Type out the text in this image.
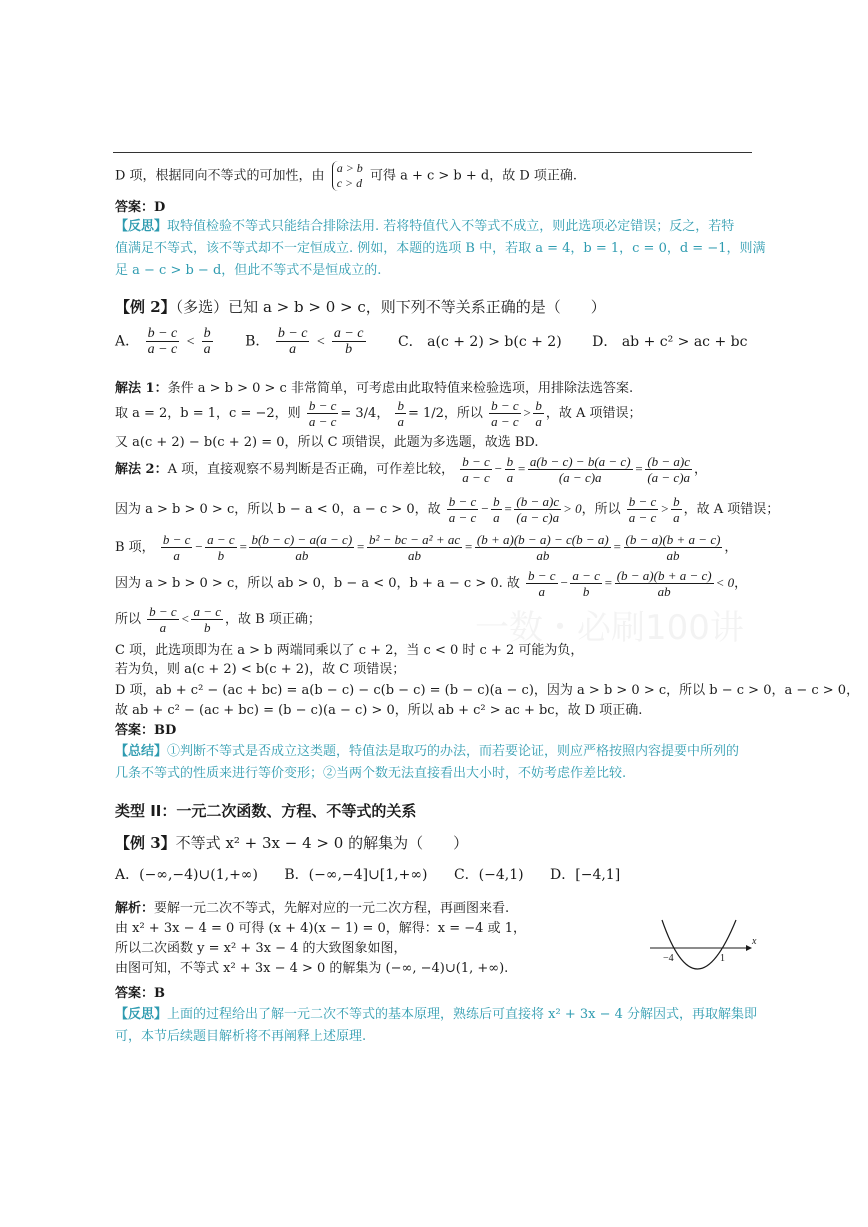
一数・必刷100讲
D 项，根据同向不等式的可加性，由
a > b
c > d 可得 a + c > b + d，故 D 项正确.
答案：D
【反思】取特值检验不等式只能结合排除法用. 若将特值代入不等式不成立，则此选项必定错误；反之，若特
值满足不等式，该不等式却不一定恒成立. 例如，本题的选项 B 中，若取 a = 4，b = 1，c = 0，d = −1，则满
足 a − c > b − d，但此不等式不是恒成立的.
【例 2】（多选）已知 a > b > 0 > c，则下列不等关系正确的是（　　）
A． $\frac{b - c}{a - c} < \frac{b}{a}$ B． $\frac{b - c}{a} < \frac{a - c}{b}$ C． a(c + 2) > b(c + 2) D． ab + c² > ac + bc
解法 1：条件 a > b > 0 > c 非常简单，可考虑由此取特值来检验选项，用排除法选答案.
取 a = 2，b = 1，c = −2，则 $\frac{b - c}{a - c} = 3/4$， $\frac{b}{a} = 1/2$，所以 $\frac{b - c}{a - c} > \frac{b}{a}$ ，故 A 项错误；
又 a(c + 2) − b(c + 2) = 0，所以 C 项错误，此题为多选题，故选 BD.
解法 2：A 项，直接观察不易判断是否正确，可作差比较， $\frac{b - c}{a - c} - \frac{b}{a} = \frac{a(b - c) - b(a - c)}{(a - c)a} = \frac{(b - a)c}{(a - c)a}$ ，
因为 a > b > 0 > c，所以 b − a < 0，a − c > 0，故 $\frac{b - c}{a - c} - \frac{b}{a} = \frac{(b - a)c}{(a - c)a} > 0$，所以 $\frac{b - c}{a - c} > \frac{b}{a}$ ，故 A 项错误；
B 项， $\frac{b - c}{a} - \frac{a - c}{b} = \frac{b(b - c) - a(a - c)}{ab} = \frac{\text{b² − bc − a² + ac}}{ab} = \frac{(b + a)(b - a) - c(b - a)}{ab} = \frac{(b - a)(b + a - c)}{ab}$ ，
因为 a > b > 0 > c，所以 ab > 0，b − a < 0，b + a − c > 0. 故 $\frac{b - c}{a} - \frac{a - c}{b} = \frac{(b - a)(b + a - c)}{ab} < 0$，
所以 $\frac{b - c}{a} < \frac{a - c}{b}$ ，故 B 项正确；
C 项，此选项即为在 a > b 两端同乘以了 c + 2，当 c < 0 时 c + 2 可能为负，
若为负，则 a(c + 2) < b(c + 2)，故 C 项错误；
D 项，ab + c² − (ac + bc) = a(b − c) − c(b − c) = (b − c)(a − c)，因为 a > b > 0 > c，所以 b − c > 0，a − c > 0，
故 ab + c² − (ac + bc) = (b − c)(a − c) > 0，所以 ab + c² > ac + bc，故 D 项正确.
答案：BD
【总结】①判断不等式是否成立这类题，特值法是取巧的办法，而若要论证，则应严格按照内容提要中所列的
几条不等式的性质来进行等价变形；②当两个数无法直接看出大小时，不妨考虑作差比较.
类型 II：一元二次函数、方程、不等式的关系
【例 3】不等式 x² + 3x − 4 > 0 的解集为（　　）
A．(−∞,−4)∪(1,+∞) B．(−∞,−4]∪[1,+∞) C．(−4,1) D．[−4,1]
解析：要解一元二次不等式，先解对应的一元二次方程，再画图来看.
由 x² + 3x − 4 = 0 可得 (x + 4)(x − 1) = 0，解得：x = −4 或 1，
所以二次函数 y = x² + 3x − 4 的大致图象如图，
由图可知，不等式 x² + 3x − 4 > 0 的解集为 (−∞, −4)∪(1, +∞).
答案：B
【反思】上面的过程给出了解一元二次不等式的基本原理，熟练后可直接将 x² + 3x − 4 分解因式，再取解集即
可，本节后续题目解析将不再阐释上述原理.
x
−4	1
